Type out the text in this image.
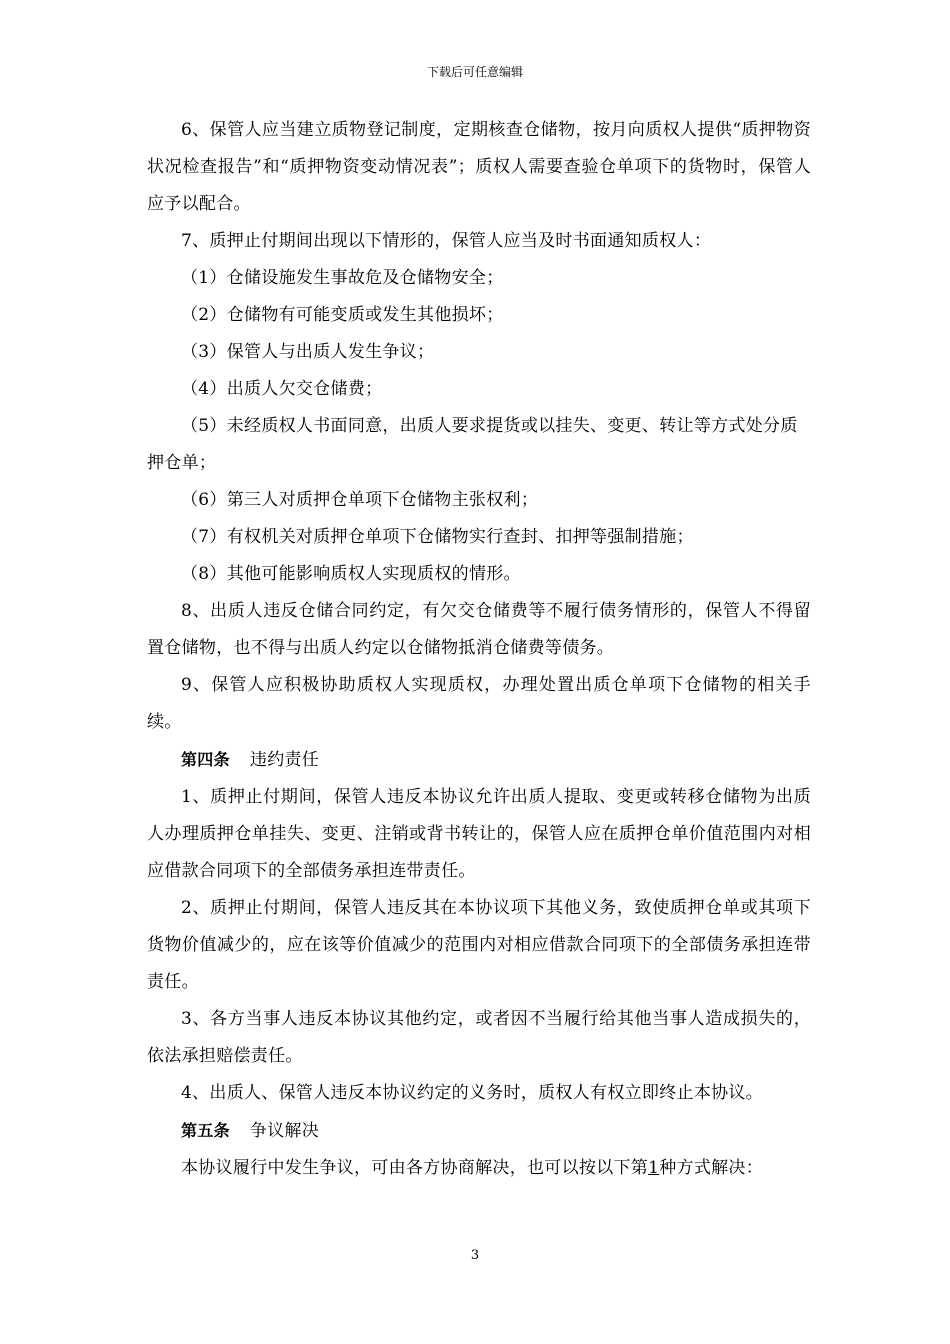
下载后可任意编辑

6、保管人应当建立质物登记制度，定期核查仓储物，按月向质权人提供“质押物资状况检查报告”和“质押物资变动情况表”；质权人需要查验仓单项下的货物时，保管人应予以配合。

7、质押止付期间出现以下情形的，保管人应当及时书面通知质权人：

（1）仓储设施发生事故危及仓储物安全；

（2）仓储物有可能变质或发生其他损坏；

（3）保管人与出质人发生争议；

（4）出质人欠交仓储费；

（5）未经质权人书面同意，出质人要求提货或以挂失、变更、转让等方式处分质押仓单；

（6）第三人对质押仓单项下仓储物主张权利；

（7）有权机关对质押仓单项下仓储物实行查封、扣押等强制措施；

（8）其他可能影响质权人实现质权的情形。

8、出质人违反仓储合同约定，有欠交仓储费等不履行债务情形的，保管人不得留置仓储物，也不得与出质人约定以仓储物抵消仓储费等债务。

9、保管人应积极协助质权人实现质权，办理处置出质仓单项下仓储物的相关手续。

第四条 违约责任

1、质押止付期间，保管人违反本协议允许出质人提取、变更或转移仓储物为出质人办理质押仓单挂失、变更、注销或背书转让的，保管人应在质押仓单价值范围内对相应借款合同项下的全部债务承担连带责任。

2、质押止付期间，保管人违反其在本协议项下其他义务，致使质押仓单或其项下货物价值减少的，应在该等价值减少的范围内对相应借款合同项下的全部债务承担连带责任。

3、各方当事人违反本协议其他约定，或者因不当履行给其他当事人造成损失的，依法承担赔偿责任。

4、出质人、保管人违反本协议约定的义务时，质权人有权立即终止本协议。

第五条 争议解决

本协议履行中发生争议，可由各方协商解决，也可以按以下第1种方式解决：

3
